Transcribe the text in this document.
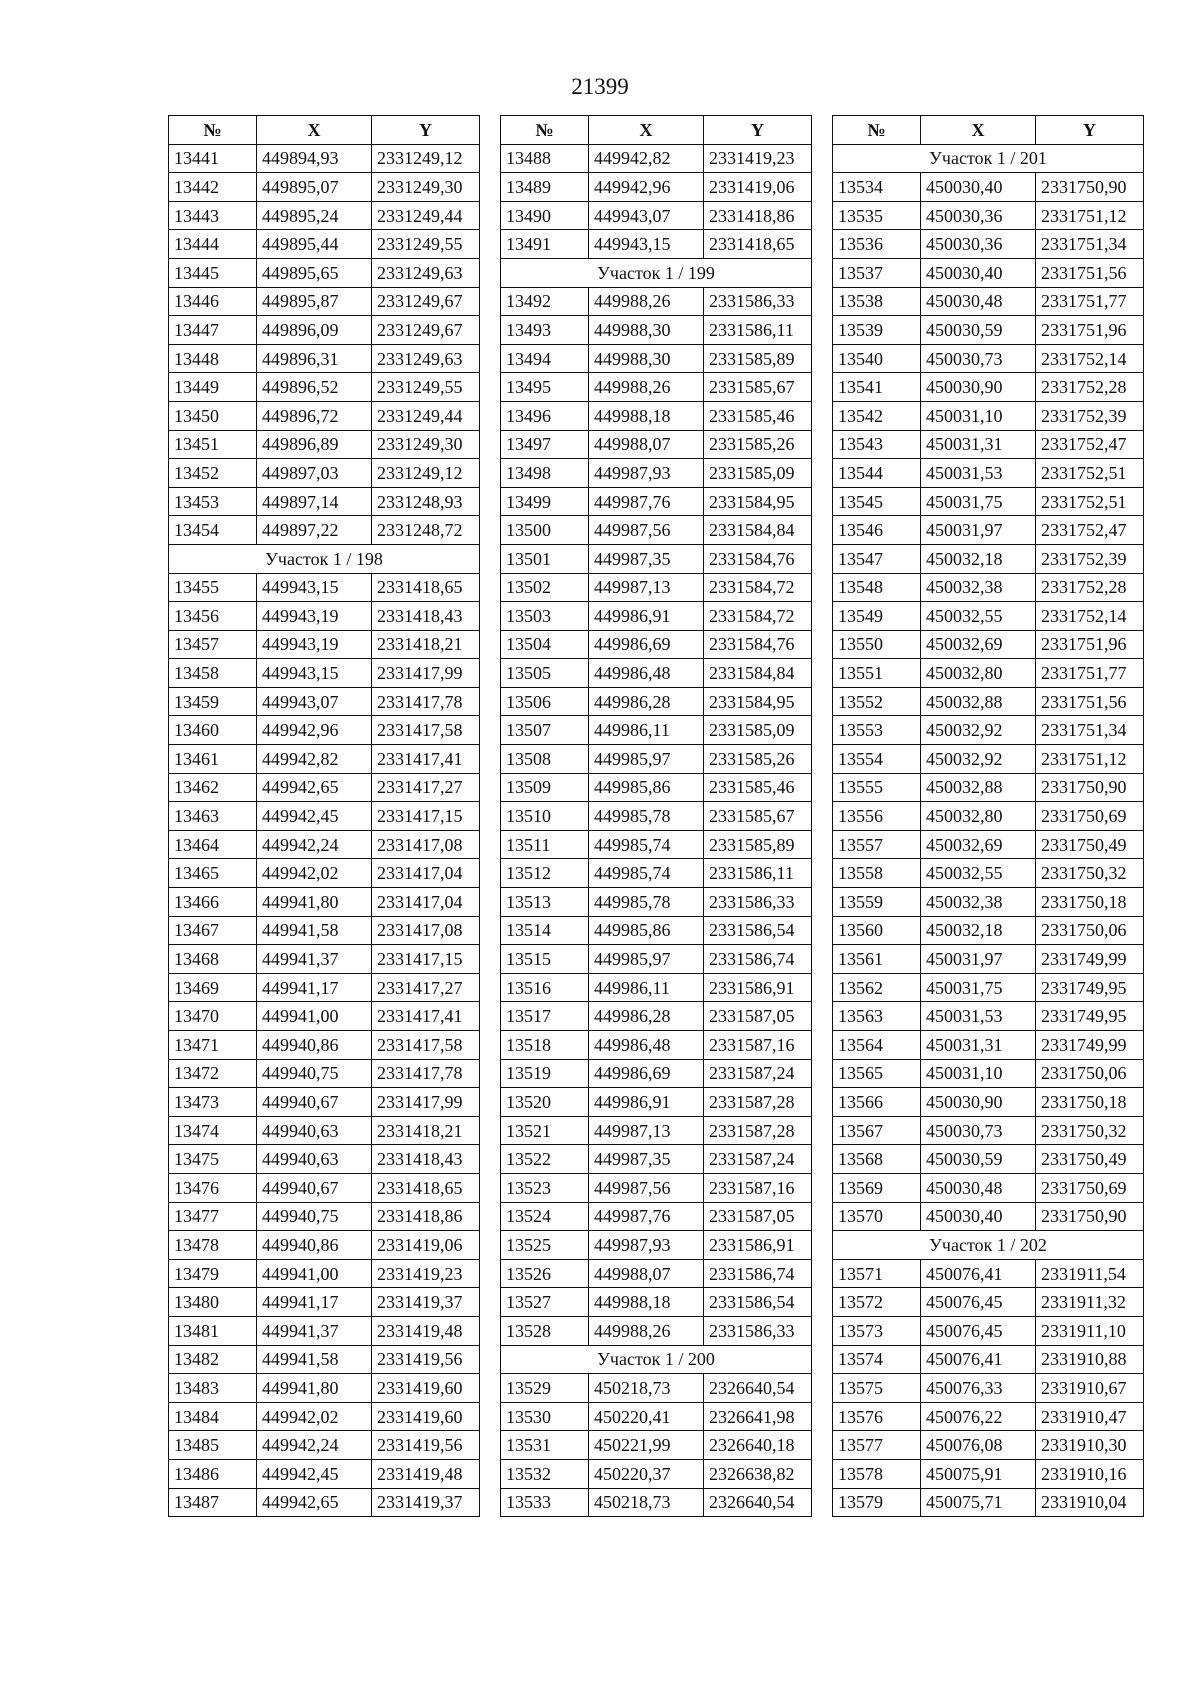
21399
№	X	Y
13441	449894,93	2331249,12
13442	449895,07	2331249,30
13443	449895,24	2331249,44
13444	449895,44	2331249,55
13445	449895,65	2331249,63
13446	449895,87	2331249,67
13447	449896,09	2331249,67
13448	449896,31	2331249,63
13449	449896,52	2331249,55
13450	449896,72	2331249,44
13451	449896,89	2331249,30
13452	449897,03	2331249,12
13453	449897,14	2331248,93
13454	449897,22	2331248,72
Участок 1 / 198		
13455	449943,15	2331418,65
13456	449943,19	2331418,43
13457	449943,19	2331418,21
13458	449943,15	2331417,99
13459	449943,07	2331417,78
13460	449942,96	2331417,58
13461	449942,82	2331417,41
13462	449942,65	2331417,27
13463	449942,45	2331417,15
13464	449942,24	2331417,08
13465	449942,02	2331417,04
13466	449941,80	2331417,04
13467	449941,58	2331417,08
13468	449941,37	2331417,15
13469	449941,17	2331417,27
13470	449941,00	2331417,41
13471	449940,86	2331417,58
13472	449940,75	2331417,78
13473	449940,67	2331417,99
13474	449940,63	2331418,21
13475	449940,63	2331418,43
13476	449940,67	2331418,65
13477	449940,75	2331418,86
13478	449940,86	2331419,06
13479	449941,00	2331419,23
13480	449941,17	2331419,37
13481	449941,37	2331419,48
13482	449941,58	2331419,56
13483	449941,80	2331419,60
13484	449942,02	2331419,60
13485	449942,24	2331419,56
13486	449942,45	2331419,48
13487	449942,65	2331419,37
№	X	Y
13488	449942,82	2331419,23
13489	449942,96	2331419,06
13490	449943,07	2331418,86
13491	449943,15	2331418,65
Участок 1 / 199		
13492	449988,26	2331586,33
13493	449988,30	2331586,11
13494	449988,30	2331585,89
13495	449988,26	2331585,67
13496	449988,18	2331585,46
13497	449988,07	2331585,26
13498	449987,93	2331585,09
13499	449987,76	2331584,95
13500	449987,56	2331584,84
13501	449987,35	2331584,76
13502	449987,13	2331584,72
13503	449986,91	2331584,72
13504	449986,69	2331584,76
13505	449986,48	2331584,84
13506	449986,28	2331584,95
13507	449986,11	2331585,09
13508	449985,97	2331585,26
13509	449985,86	2331585,46
13510	449985,78	2331585,67
13511	449985,74	2331585,89
13512	449985,74	2331586,11
13513	449985,78	2331586,33
13514	449985,86	2331586,54
13515	449985,97	2331586,74
13516	449986,11	2331586,91
13517	449986,28	2331587,05
13518	449986,48	2331587,16
13519	449986,69	2331587,24
13520	449986,91	2331587,28
13521	449987,13	2331587,28
13522	449987,35	2331587,24
13523	449987,56	2331587,16
13524	449987,76	2331587,05
13525	449987,93	2331586,91
13526	449988,07	2331586,74
13527	449988,18	2331586,54
13528	449988,26	2331586,33
Участок 1 / 200		
13529	450218,73	2326640,54
13530	450220,41	2326641,98
13531	450221,99	2326640,18
13532	450220,37	2326638,82
13533	450218,73	2326640,54
№	X	Y
Участок 1 / 201		
13534	450030,40	2331750,90
13535	450030,36	2331751,12
13536	450030,36	2331751,34
13537	450030,40	2331751,56
13538	450030,48	2331751,77
13539	450030,59	2331751,96
13540	450030,73	2331752,14
13541	450030,90	2331752,28
13542	450031,10	2331752,39
13543	450031,31	2331752,47
13544	450031,53	2331752,51
13545	450031,75	2331752,51
13546	450031,97	2331752,47
13547	450032,18	2331752,39
13548	450032,38	2331752,28
13549	450032,55	2331752,14
13550	450032,69	2331751,96
13551	450032,80	2331751,77
13552	450032,88	2331751,56
13553	450032,92	2331751,34
13554	450032,92	2331751,12
13555	450032,88	2331750,90
13556	450032,80	2331750,69
13557	450032,69	2331750,49
13558	450032,55	2331750,32
13559	450032,38	2331750,18
13560	450032,18	2331750,06
13561	450031,97	2331749,99
13562	450031,75	2331749,95
13563	450031,53	2331749,95
13564	450031,31	2331749,99
13565	450031,10	2331750,06
13566	450030,90	2331750,18
13567	450030,73	2331750,32
13568	450030,59	2331750,49
13569	450030,48	2331750,69
13570	450030,40	2331750,90
Участок 1 / 202		
13571	450076,41	2331911,54
13572	450076,45	2331911,32
13573	450076,45	2331911,10
13574	450076,41	2331910,88
13575	450076,33	2331910,67
13576	450076,22	2331910,47
13577	450076,08	2331910,30
13578	450075,91	2331910,16
13579	450075,71	2331910,04
